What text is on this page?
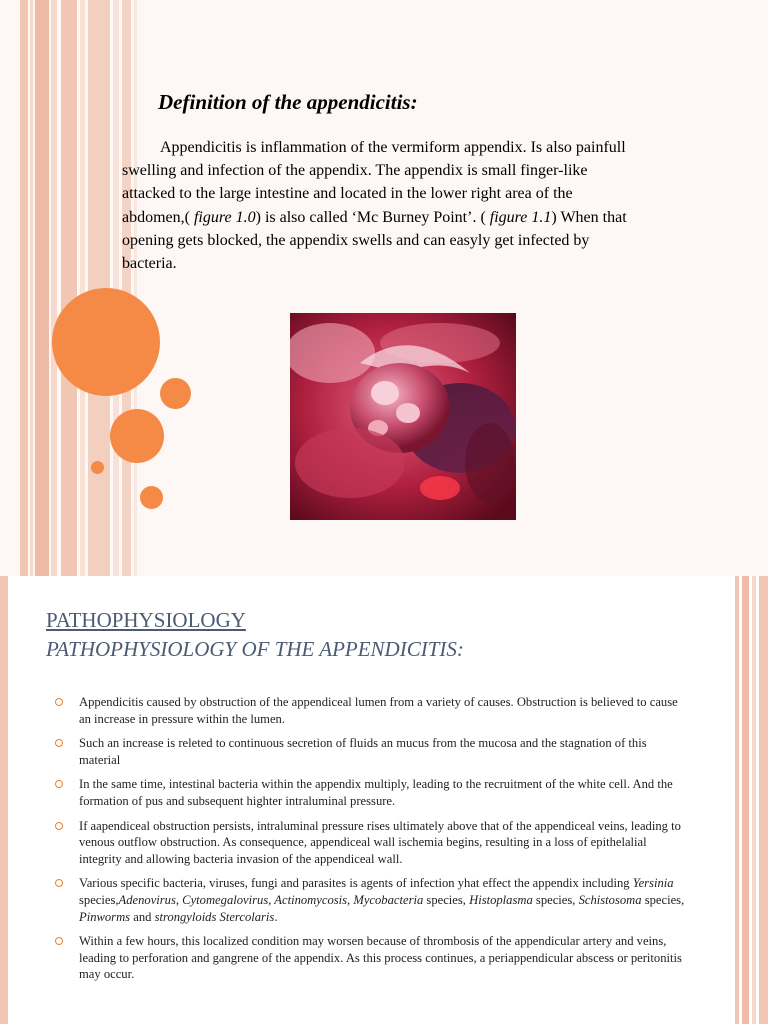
Definition of the appendicitis:
Appendicitis is inflammation of the vermiform appendix. Is also painfull swelling and infection of the appendix. The appendix is small finger-like attacked to the large intestine and located in the lower right area of the abdomen,( figure 1.0) is also called ‘Mc Burney Point’. ( figure 1.1) When that opening gets blocked, the appendix swells and can easyly get infected by bacteria.
PATHOPHYSIOLOGY
PATHOPHYSIOLOGY OF THE APPENDICITIS:
Appendicitis caused by obstruction of the appendiceal lumen from a variety of causes. Obstruction is believed to cause an increase in pressure within the lumen.
Such an increase is releted to continuous secretion of fluids an mucus from the mucosa and the stagnation of this material
In the same time, intestinal bacteria within the appendix multiply, leading to the recruitment of the white cell. And the formation of pus and subsequent highter intraluminal pressure.
If aapendiceal obstruction persists, intraluminal pressure rises ultimately above that of the appendiceal veins, leading to venous outflow obstruction. As consequence, appendiceal wall ischemia begins, resulting in a loss of epithelalial integrity and allowing bacteria invasion of the appendiceal wall.
Various specific bacteria, viruses, fungi and parasites is agents of infection yhat effect the appendix including Yersinia species,Adenovirus, Cytomegalovirus, Actinomycosis, Mycobacteria species, Histoplasma species, Schistosoma species, Pinworms and strongyloids Stercolaris.
Within a few hours, this localized condition may worsen because of thrombosis of the appendicular artery and veins, leading to perforation and gangrene of the appendix. As this process continues, a periappendicular abscess or peritonitis may occur.
